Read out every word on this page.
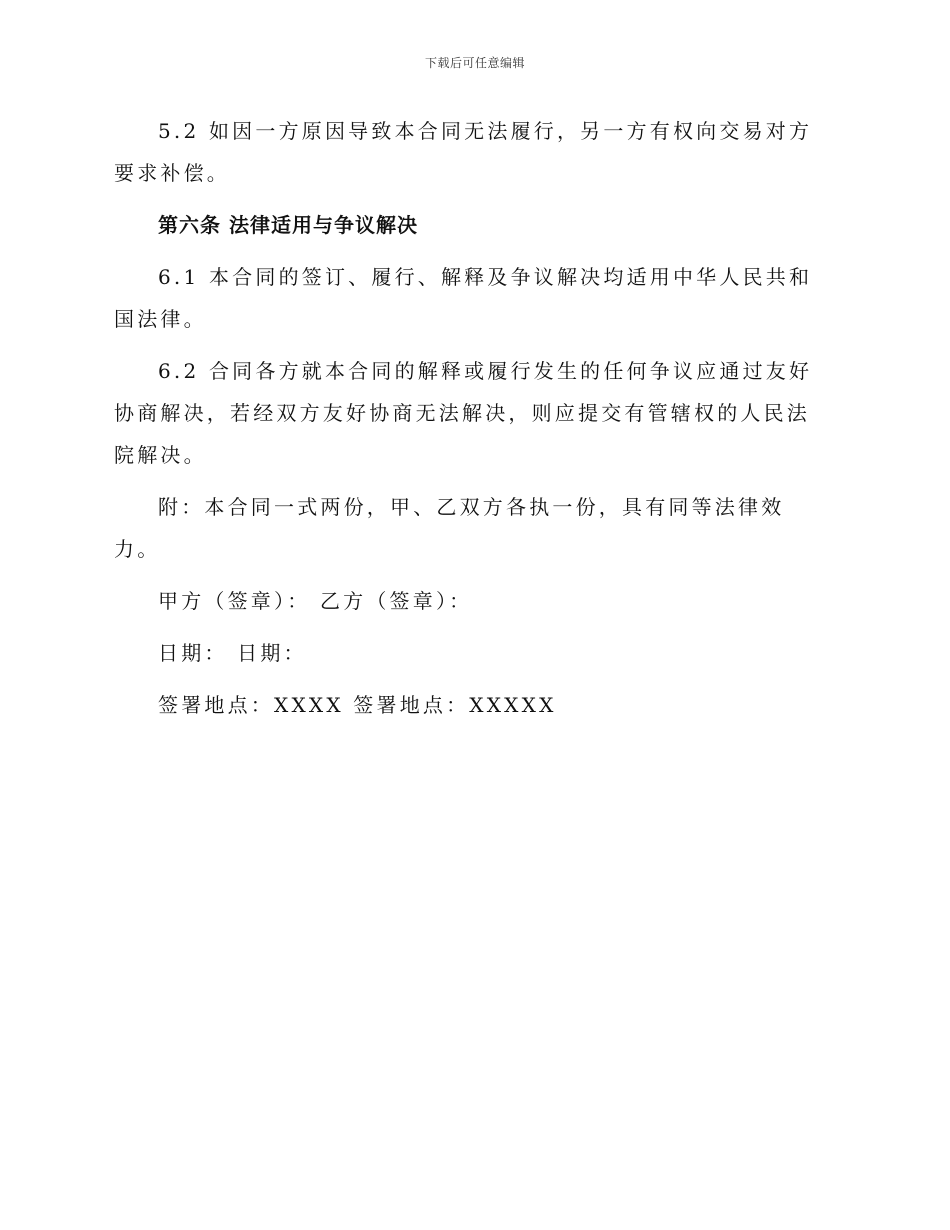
下载后可任意编辑

5.2 如因一方原因导致本合同无法履行，另一方有权向交易对方要求补偿。

第六条 法律适用与争议解决

6.1 本合同的签订、履行、解释及争议解决均适用中华人民共和国法律。

6.2 合同各方就本合同的解释或履行发生的任何争议应通过友好协商解决，若经双方友好协商无法解决，则应提交有管辖权的人民法院解决。

附：本合同一式两份，甲、乙双方各执一份，具有同等法律效力。

甲方（签章）： 乙方（签章）：

日期： 日期：

签署地点：XXXX 签署地点：XXXXX
